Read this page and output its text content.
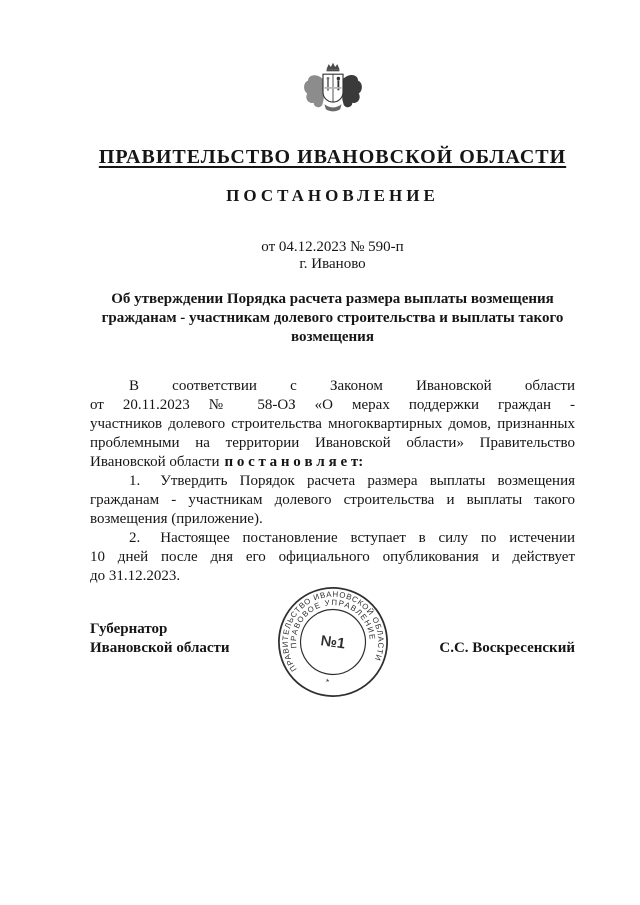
ПРАВИТЕЛЬСТВО ИВАНОВСКОЙ ОБЛАСТИ
ПОСТАНОВЛЕНИЕ
от 04.12.2023 № 590-п
г. Иваново
Об утверждении Порядка расчета размера выплаты возмещения гражданам - участникам долевого строительства и выплаты такого возмещения
В соответствии с Законом Ивановской области
от 20.11.2023 № 58-ОЗ «О мерах поддержки граждан -
участников долевого строительства многоквартирных домов, признанных
проблемными на территории Ивановской области» Правительство
Ивановской области п о с т а н о в л я е т:
1. Утвердить Порядок расчета размера выплаты возмещения
гражданам - участникам долевого строительства и выплаты такого
возмещения (приложение).
2. Настоящее постановление вступает в силу по истечении
10 дней после дня его официального опубликования и действует
до 31.12.2023.
Губернатор
Ивановской области
ПРАВИТЕЛЬСТВО ИВАНОВСКОЙ ОБЛАСТИ
ПРАВОВОЕ УПРАВЛЕНИЕ
№1
*
С.С. Воскресенский
